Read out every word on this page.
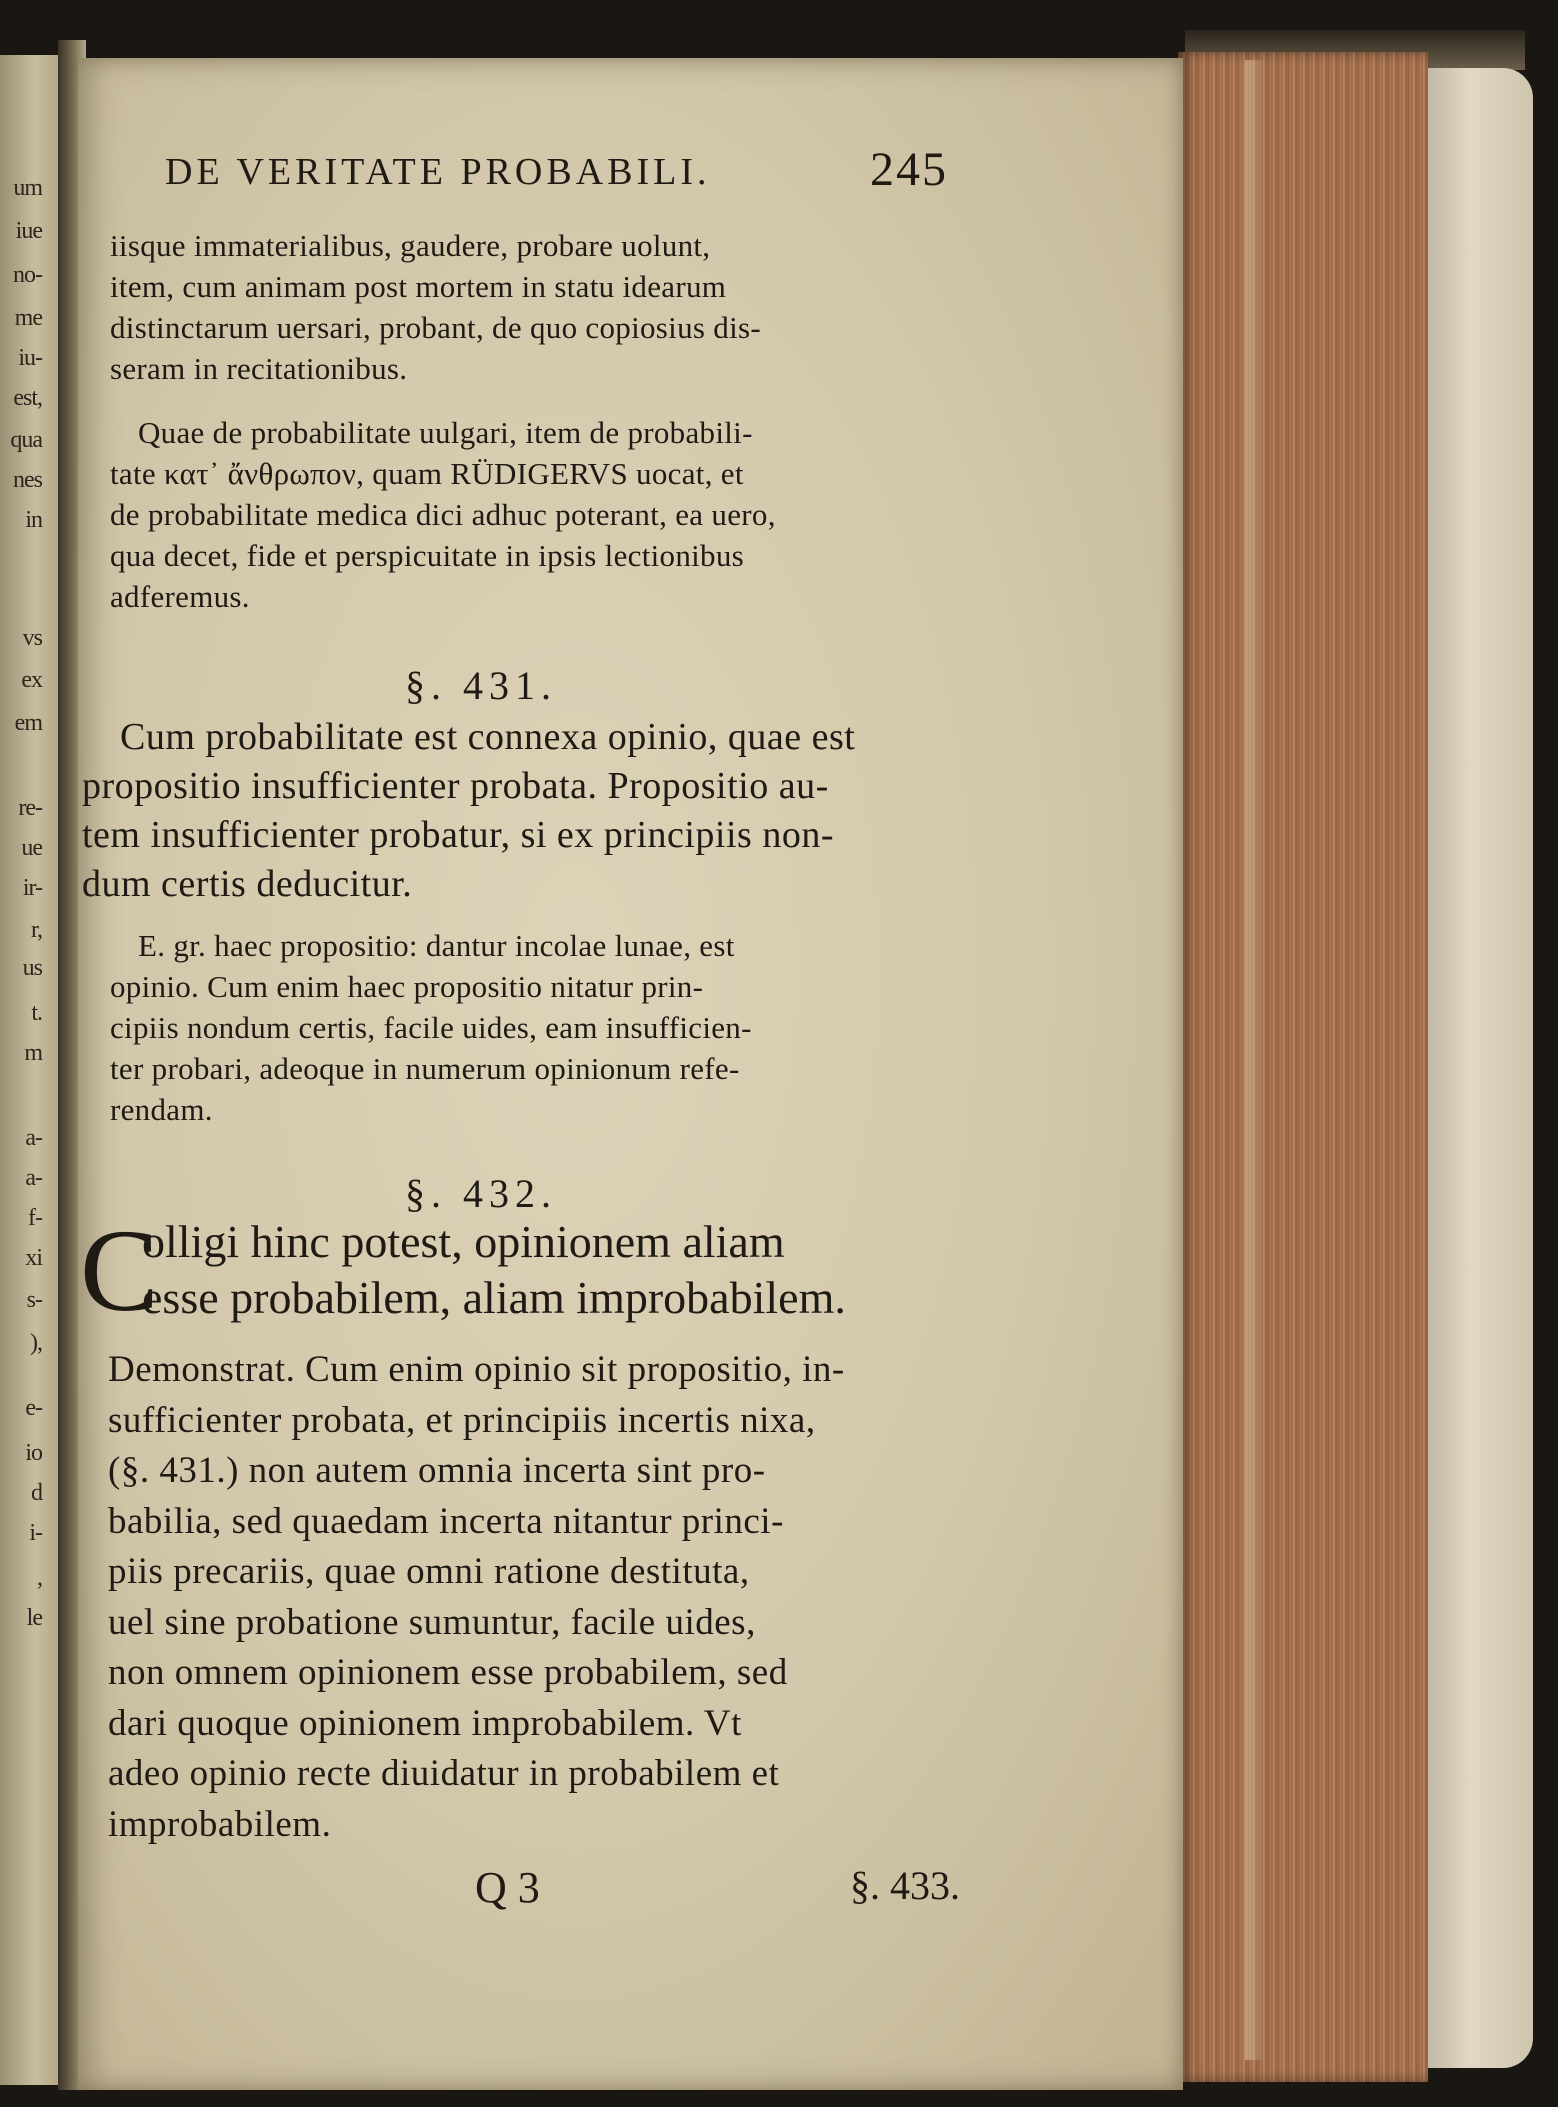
um
iue
no-
me
iu-
est,
qua
nes
in
vs
ex
em
re-
ue
ir-
r,
us
t.
m
a-
a-
f-
xi
s-
),
e-
io
d
i-
,
le
DE VERITATE PROBABILI.	245
iisque immaterialibus, gaudere, probare uolunt,
item, cum animam post mortem in statu idearum
distinctarum uersari, probant, de quo copiosius dis-
seram in recitationibus.
Quae de probabilitate uulgari, item de probabili-
tate κατ᾽ ἄνθρωπον, quam RÜDIGERVS uocat, et
de probabilitate medica dici adhuc poterant, ea uero,
qua decet, fide et perspicuitate in ipsis lectionibus
adferemus.
§. 431.
Cum probabilitate est connexa opinio, quae est
propositio insufficienter probata. Propositio au-
tem insufficienter probatur, si ex principiis non-
dum certis deducitur.
E. gr. haec propositio: dantur incolae lunae, est
opinio. Cum enim haec propositio nitatur prin-
cipiis nondum certis, facile uides, eam insufficien-
ter probari, adeoque in numerum opinionum refe-
rendam.
§. 432.
C
olligi hinc potest, opinionem aliam
esse probabilem, aliam improbabilem.
Demonstrat. Cum enim opinio sit propositio, in-
sufficienter probata, et principiis incertis nixa,
(§. 431.) non autem omnia incerta sint pro-
babilia, sed quaedam incerta nitantur princi-
piis precariis, quae omni ratione destituta,
uel sine probatione sumuntur, facile uides,
non omnem opinionem esse probabilem, sed
dari quoque opinionem improbabilem. Vt
adeo opinio recte diuidatur in probabilem et
improbabilem.
Q 3	§. 433.
